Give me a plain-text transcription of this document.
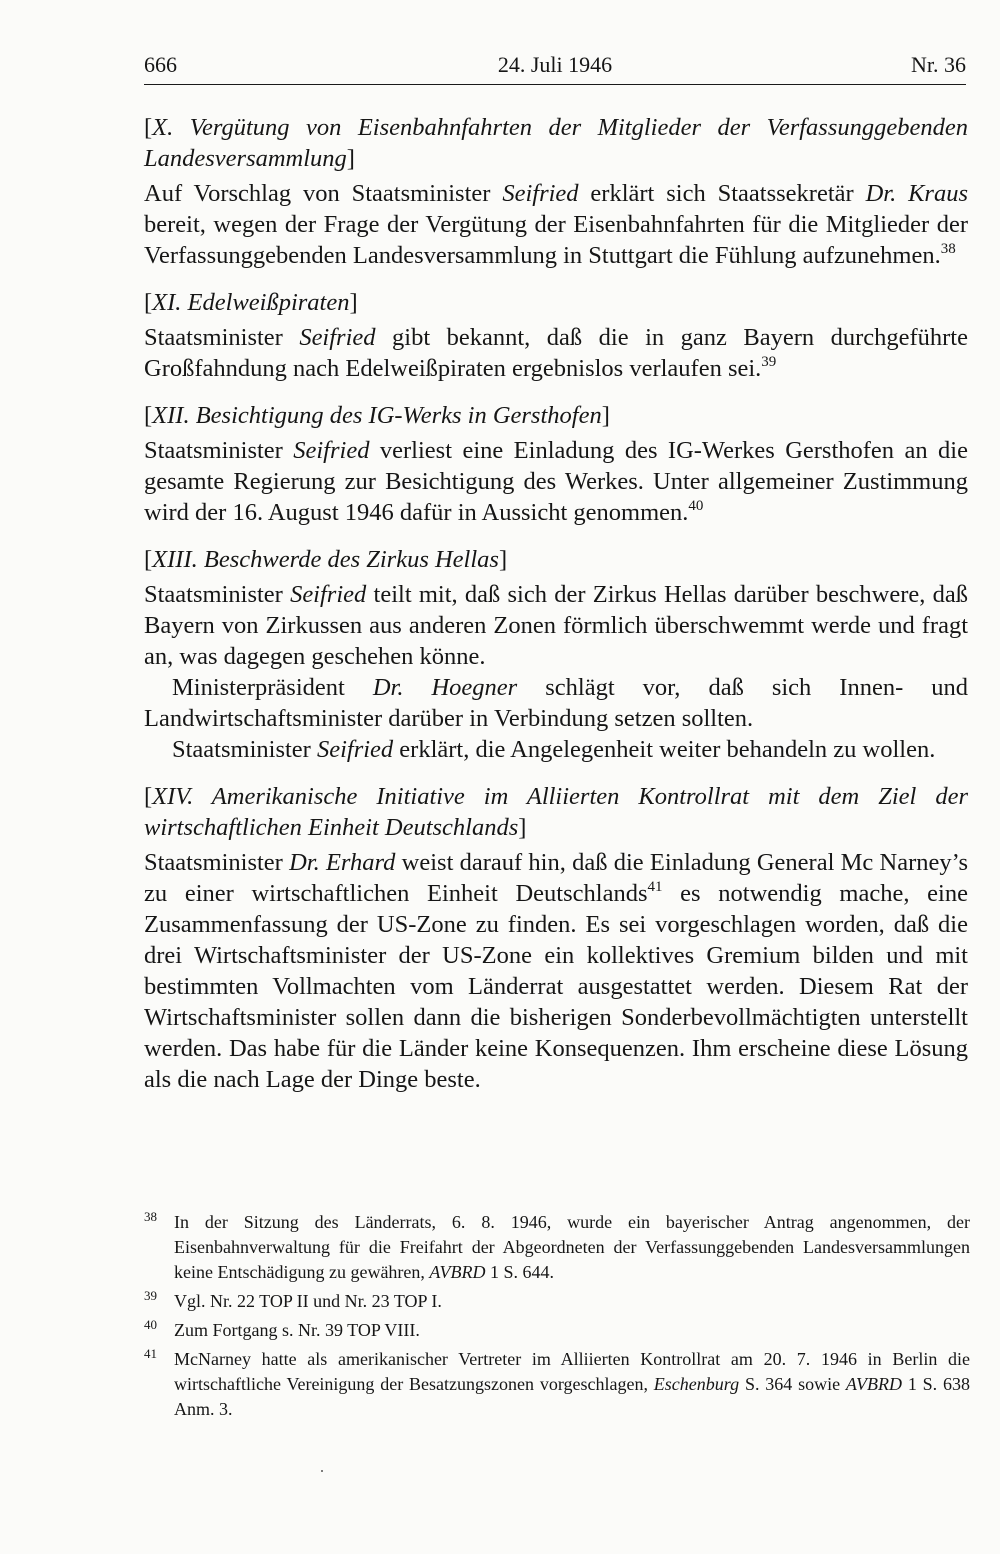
666	24. Juli 1946	Nr. 36

[X. Vergütung von Eisenbahnfahrten der Mitglieder der Verfassunggebenden Landesversammlung]

Auf Vorschlag von Staatsminister Seifried erklärt sich Staatssekretär Dr. Kraus bereit, wegen der Frage der Vergütung der Eisenbahnfahrten für die Mitglieder der Verfassunggebenden Landesversammlung in Stuttgart die Fühlung aufzunehmen.$^{38}$

[XI. Edelweißpiraten]

Staatsminister Seifried gibt bekannt, daß die in ganz Bayern durchgeführte Großfahndung nach Edelweißpiraten ergebnislos verlaufen sei.$^{39}$

[XII. Besichtigung des IG-Werks in Gersthofen]

Staatsminister Seifried verliest eine Einladung des IG-Werkes Gersthofen an die gesamte Regierung zur Besichtigung des Werkes. Unter allgemeiner Zustimmung wird der 16. August 1946 dafür in Aussicht genommen.$^{40}$

[XIII. Beschwerde des Zirkus Hellas]

Staatsminister Seifried teilt mit, daß sich der Zirkus Hellas darüber beschwere, daß Bayern von Zirkussen aus anderen Zonen förmlich überschwemmt werde und fragt an, was dagegen geschehen könne.

Ministerpräsident Dr. Hoegner schlägt vor, daß sich Innen- und Landwirtschaftsminister darüber in Verbindung setzen sollten.

Staatsminister Seifried erklärt, die Angelegenheit weiter behandeln zu wollen.

[XIV. Amerikanische Initiative im Alliierten Kontrollrat mit dem Ziel der wirtschaftlichen Einheit Deutschlands]

Staatsminister Dr. Erhard weist darauf hin, daß die Einladung General Mc Narney’s zu einer wirtschaftlichen Einheit Deutschlands$^{41}$ es notwendig mache, eine Zusammenfassung der US-Zone zu finden. Es sei vorgeschlagen worden, daß die drei Wirtschaftsminister der US-Zone ein kollektives Gremium bilden und mit bestimmten Vollmachten vom Länderrat ausgestattet werden. Diesem Rat der Wirtschaftsminister sollen dann die bisherigen Sonderbevollmächtigten unterstellt werden. Das habe für die Länder keine Konsequenzen. Ihm erscheine diese Lösung als die nach Lage der Dinge beste.

38 In der Sitzung des Länderrats, 6. 8. 1946, wurde ein bayerischer Antrag angenommen, der Eisenbahnverwaltung für die Freifahrt der Abgeordneten der Verfassunggebenden Landesversammlungen keine Entschädigung zu gewähren, AVBRD 1 S. 644.

39 Vgl. Nr. 22 TOP II und Nr. 23 TOP I.

40 Zum Fortgang s. Nr. 39 TOP VIII.

41 McNarney hatte als amerikanischer Vertreter im Alliierten Kontrollrat am 20. 7. 1946 in Berlin die wirtschaftliche Vereinigung der Besatzungszonen vorgeschlagen, Eschenburg S. 364 sowie AVBRD 1 S. 638 Anm. 3.
